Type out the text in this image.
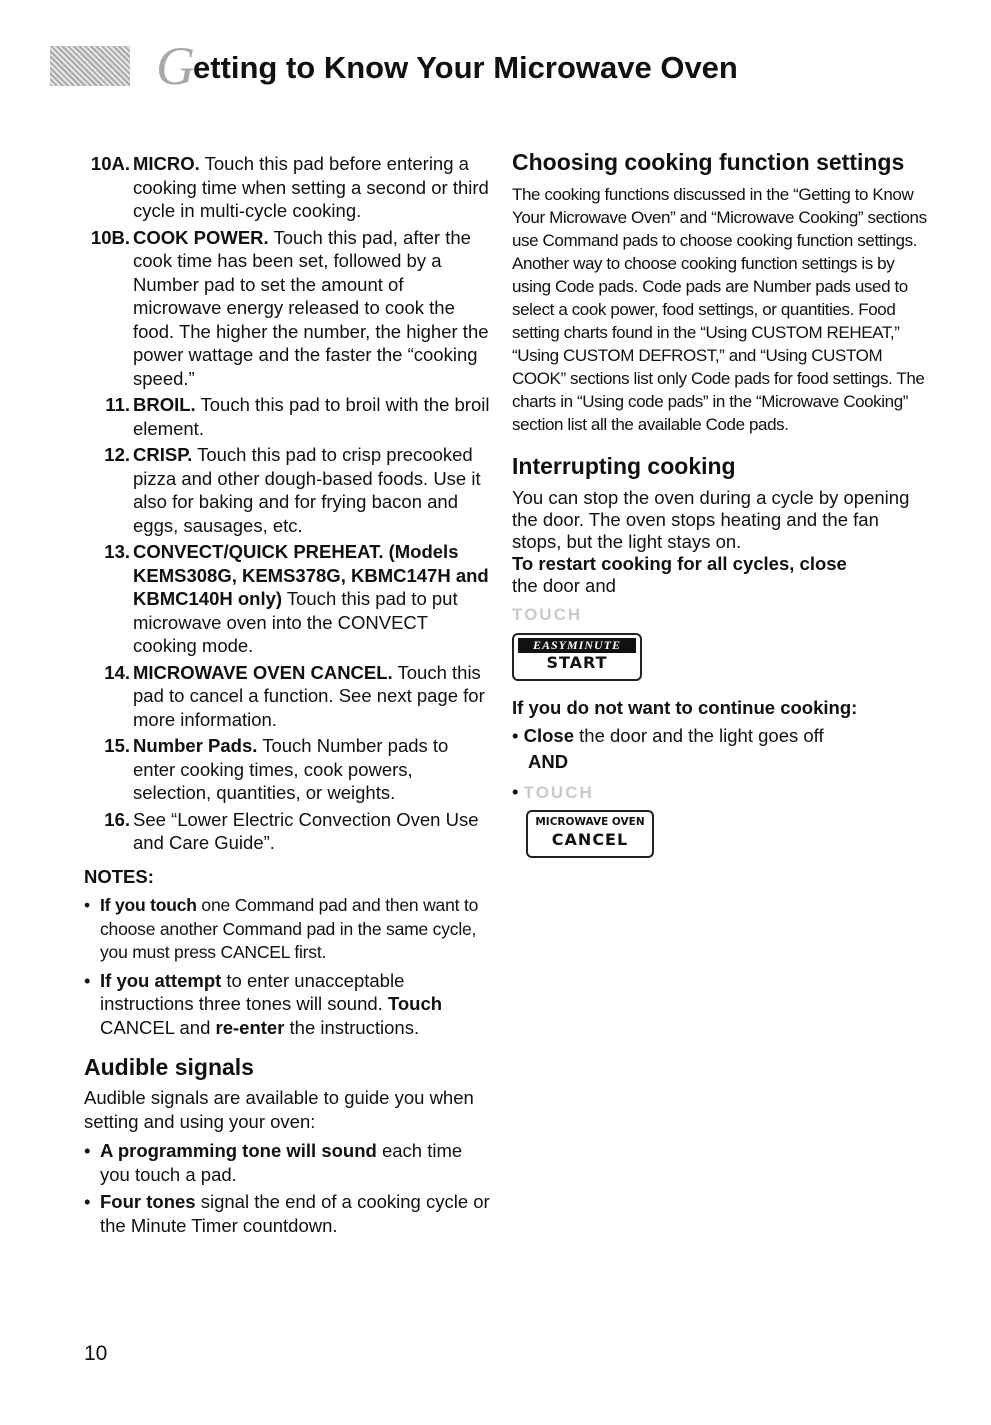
G
etting to Know Your Microwave Oven
10A. MICRO. Touch this pad before entering a cooking time when setting a second or third cycle in multi-cycle cooking.
10B. COOK POWER. Touch this pad, after the cook time has been set, followed by a Number pad to set the amount of microwave energy released to cook the food. The higher the number, the higher the power wattage and the faster the “cooking speed.”
11. BROIL. Touch this pad to broil with the broil element.
12. CRISP. Touch this pad to crisp precooked pizza and other dough-based foods. Use it also for baking and for frying bacon and eggs, sausages, etc.
13. CONVECT/QUICK PREHEAT. (Models KEMS308G, KEMS378G, KBMC147H and KBMC140H only) Touch this pad to put microwave oven into the CONVECT cooking mode.
14. MICROWAVE OVEN CANCEL. Touch this pad to cancel a function. See next page for more information.
15. Number Pads. Touch Number pads to enter cooking times, cook powers, selection, quantities, or weights.
16. See “Lower Electric Convection Oven Use and Care Guide”.
NOTES:
• If you touch one Command pad and then want to choose another Command pad in the same cycle, you must press CANCEL first.
• If you attempt to enter unacceptable instructions three tones will sound. Touch CANCEL and re-enter the instructions.
Audible signals

Audible signals are available to guide you when setting and using your oven:

• A programming tone will sound each time you touch a pad.
• Four tones signal the end of a cooking cycle or the Minute Timer countdown.
Choosing cooking function settings
The cooking functions discussed in the “Getting to Know Your Microwave Oven” and “Microwave Cooking” sections use Command pads to choose cooking function settings. Another way to choose cooking function settings is by using Code pads. Code pads are Number pads used to select a cook power, food settings, or quantities. Food setting charts found in the “Using CUSTOM REHEAT,” “Using CUSTOM DEFROST,” and “Using CUSTOM COOK” sections list only Code pads for food settings. The charts in “Using code pads” in the “Microwave Cooking” section list all the available Code pads.
Interrupting cooking
You can stop the oven during a cycle by opening the door. The oven stops heating and the fan stops, but the light stays on.
To restart cooking for all cycles, close
the door and
TOUCH
EASYMINUTE
START
If you do not want to continue cooking:
• Close the door and the light goes off
AND
• TOUCH
MICROWAVE OVEN
CANCEL
10
